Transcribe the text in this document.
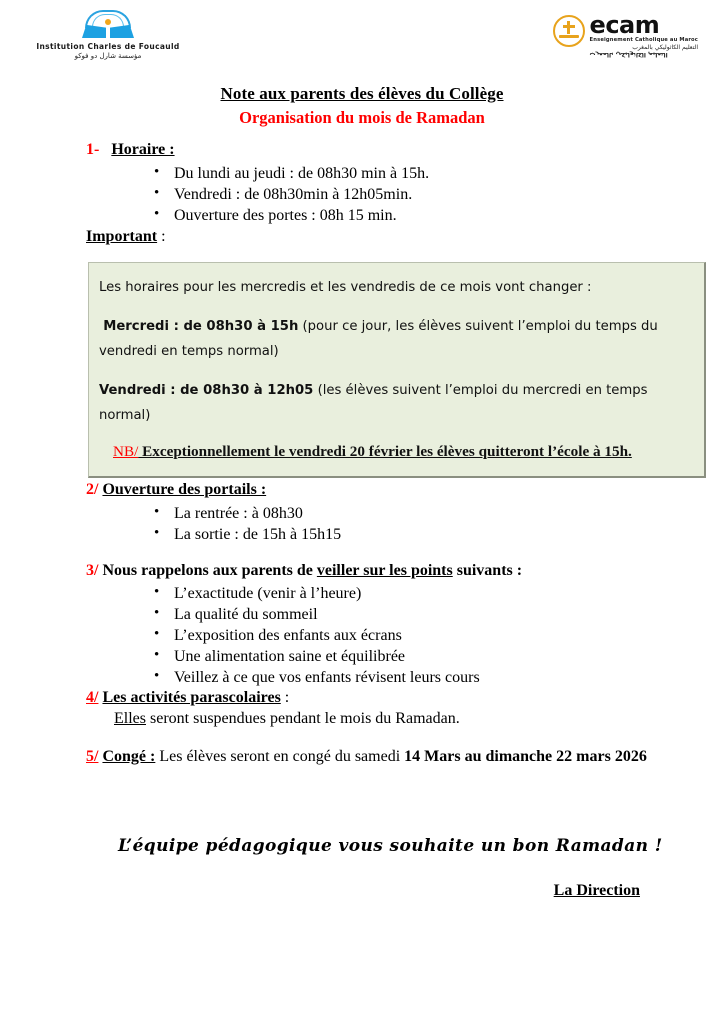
Institution Charles de Foucauld
مؤسسة شارل دو فوكو
ecam
Enseignement Catholique au Maroc
التعليم الكاثوليكي بالمغرب
التعليم الكاثوليكي بالمغرب
Note aux parents des élèves du Collège
Organisation du mois de Ramadan
1- Horaire :
• Du lundi au jeudi : de 08h30 min à 15h.
• Vendredi : de 08h30min à 12h05min.
• Ouverture des portes : 08h 15 min.
Important :

Les horaires pour les mercredis et les vendredis de ce mois vont changer :

Mercredi : de 08h30 à 15h (pour ce jour, les élèves suivent l’emploi du temps du vendredi en temps normal)

Vendredi : de 08h30 à 12h05 (les élèves suivent l’emploi du mercredi en temps normal)

NB/ Exceptionnellement le vendredi 20 février les élèves quitteront l’école à 15h.
2/ Ouverture des portails :
• La rentrée : à 08h30
• La sortie : de 15h à 15h15
3/ Nous rappelons aux parents de veiller sur les points suivants :
• L’exactitude (venir à l’heure)
• La qualité du sommeil
• L’exposition des enfants aux écrans
• Une alimentation saine et équilibrée
• Veillez à ce que vos enfants révisent leurs cours
4/ Les activités parascolaires :
Elles seront suspendues pendant le mois du Ramadan.
5/ Congé : Les élèves seront en congé du samedi 14 Mars au dimanche 22 mars 2026
L’équipe pédagogique vous souhaite un bon Ramadan !
La Direction
